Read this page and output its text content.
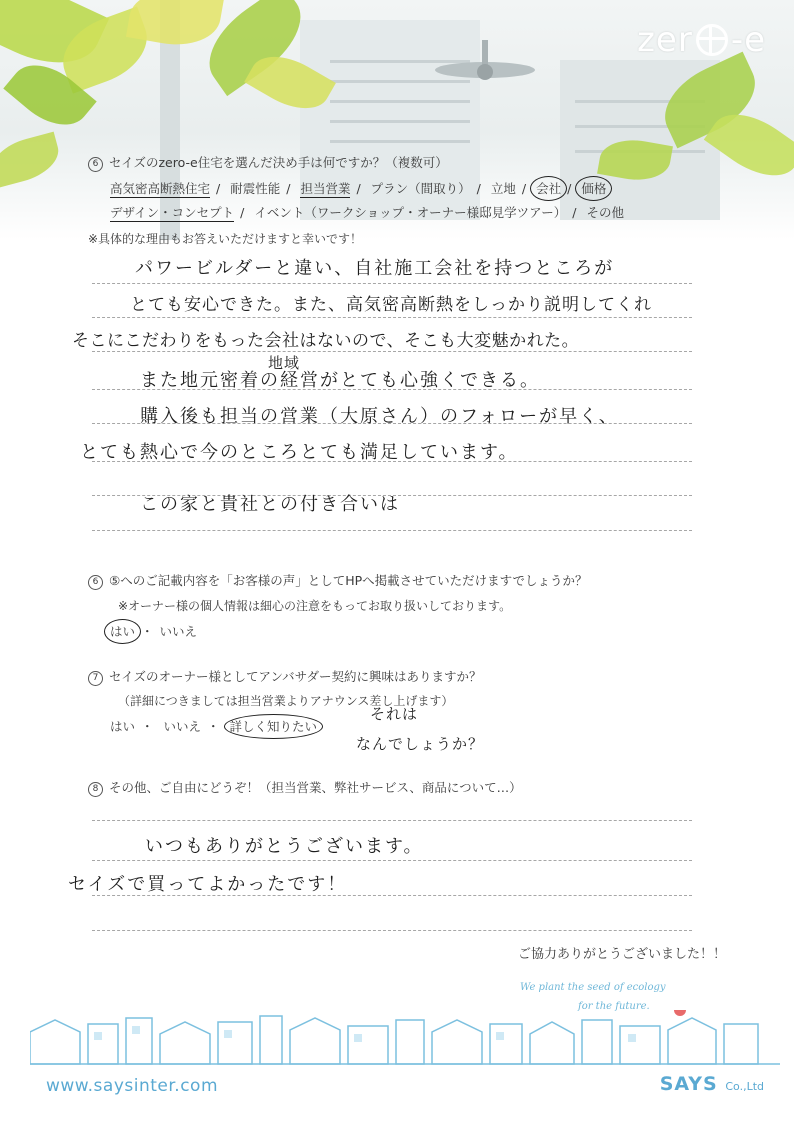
zer -e
6 セイズのzero-e住宅を選んだ決め手は何ですか？（複数可）
高気密高断熱住宅 / 耐震性能 / 担当営業 / プラン（間取り） / 立地 / 会社 / 価格
デザイン・コンセプト / イベント（ワークショップ・オーナー様邸見学ツアー） / その他
※具体的な理由もお答えいただけますと幸いです！
パワービルダーと違い、自社施工会社を持つところが
とても安心できた。また、高気密高断熱をしっかり説明してくれ
そこにこだわりをもった会社はないので、そこも大変魅かれた。
地域
また地元密着の経営がとても心強くできる。
購入後も担当の営業（大原さん）のフォローが早く、
とても熱心で今のところとても満足しています。
この家と貴社との付き合いは
6 ⑤へのご記載内容を「お客様の声」としてHPへ掲載させていただけますでしょうか？
※オーナー様の個人情報は細心の注意をもってお取り扱いしております。
はい ・ いいえ
7 セイズのオーナー様としてアンバサダー契約に興味はありますか？
（詳細につきましては担当営業よりアナウンス差し上げます）
はい ・ いいえ ・ 詳しく知りたい
それは
なんでしょうか？
8 その他、ご自由にどうぞ！（担当営業、弊社サービス、商品について…）
いつもありがとうございます。
セイズで買ってよかったです！
ご協力ありがとうございました！！
We plant the seed of ecology
for the future.
www.saysinter.com	SAYS Co.,Ltd
